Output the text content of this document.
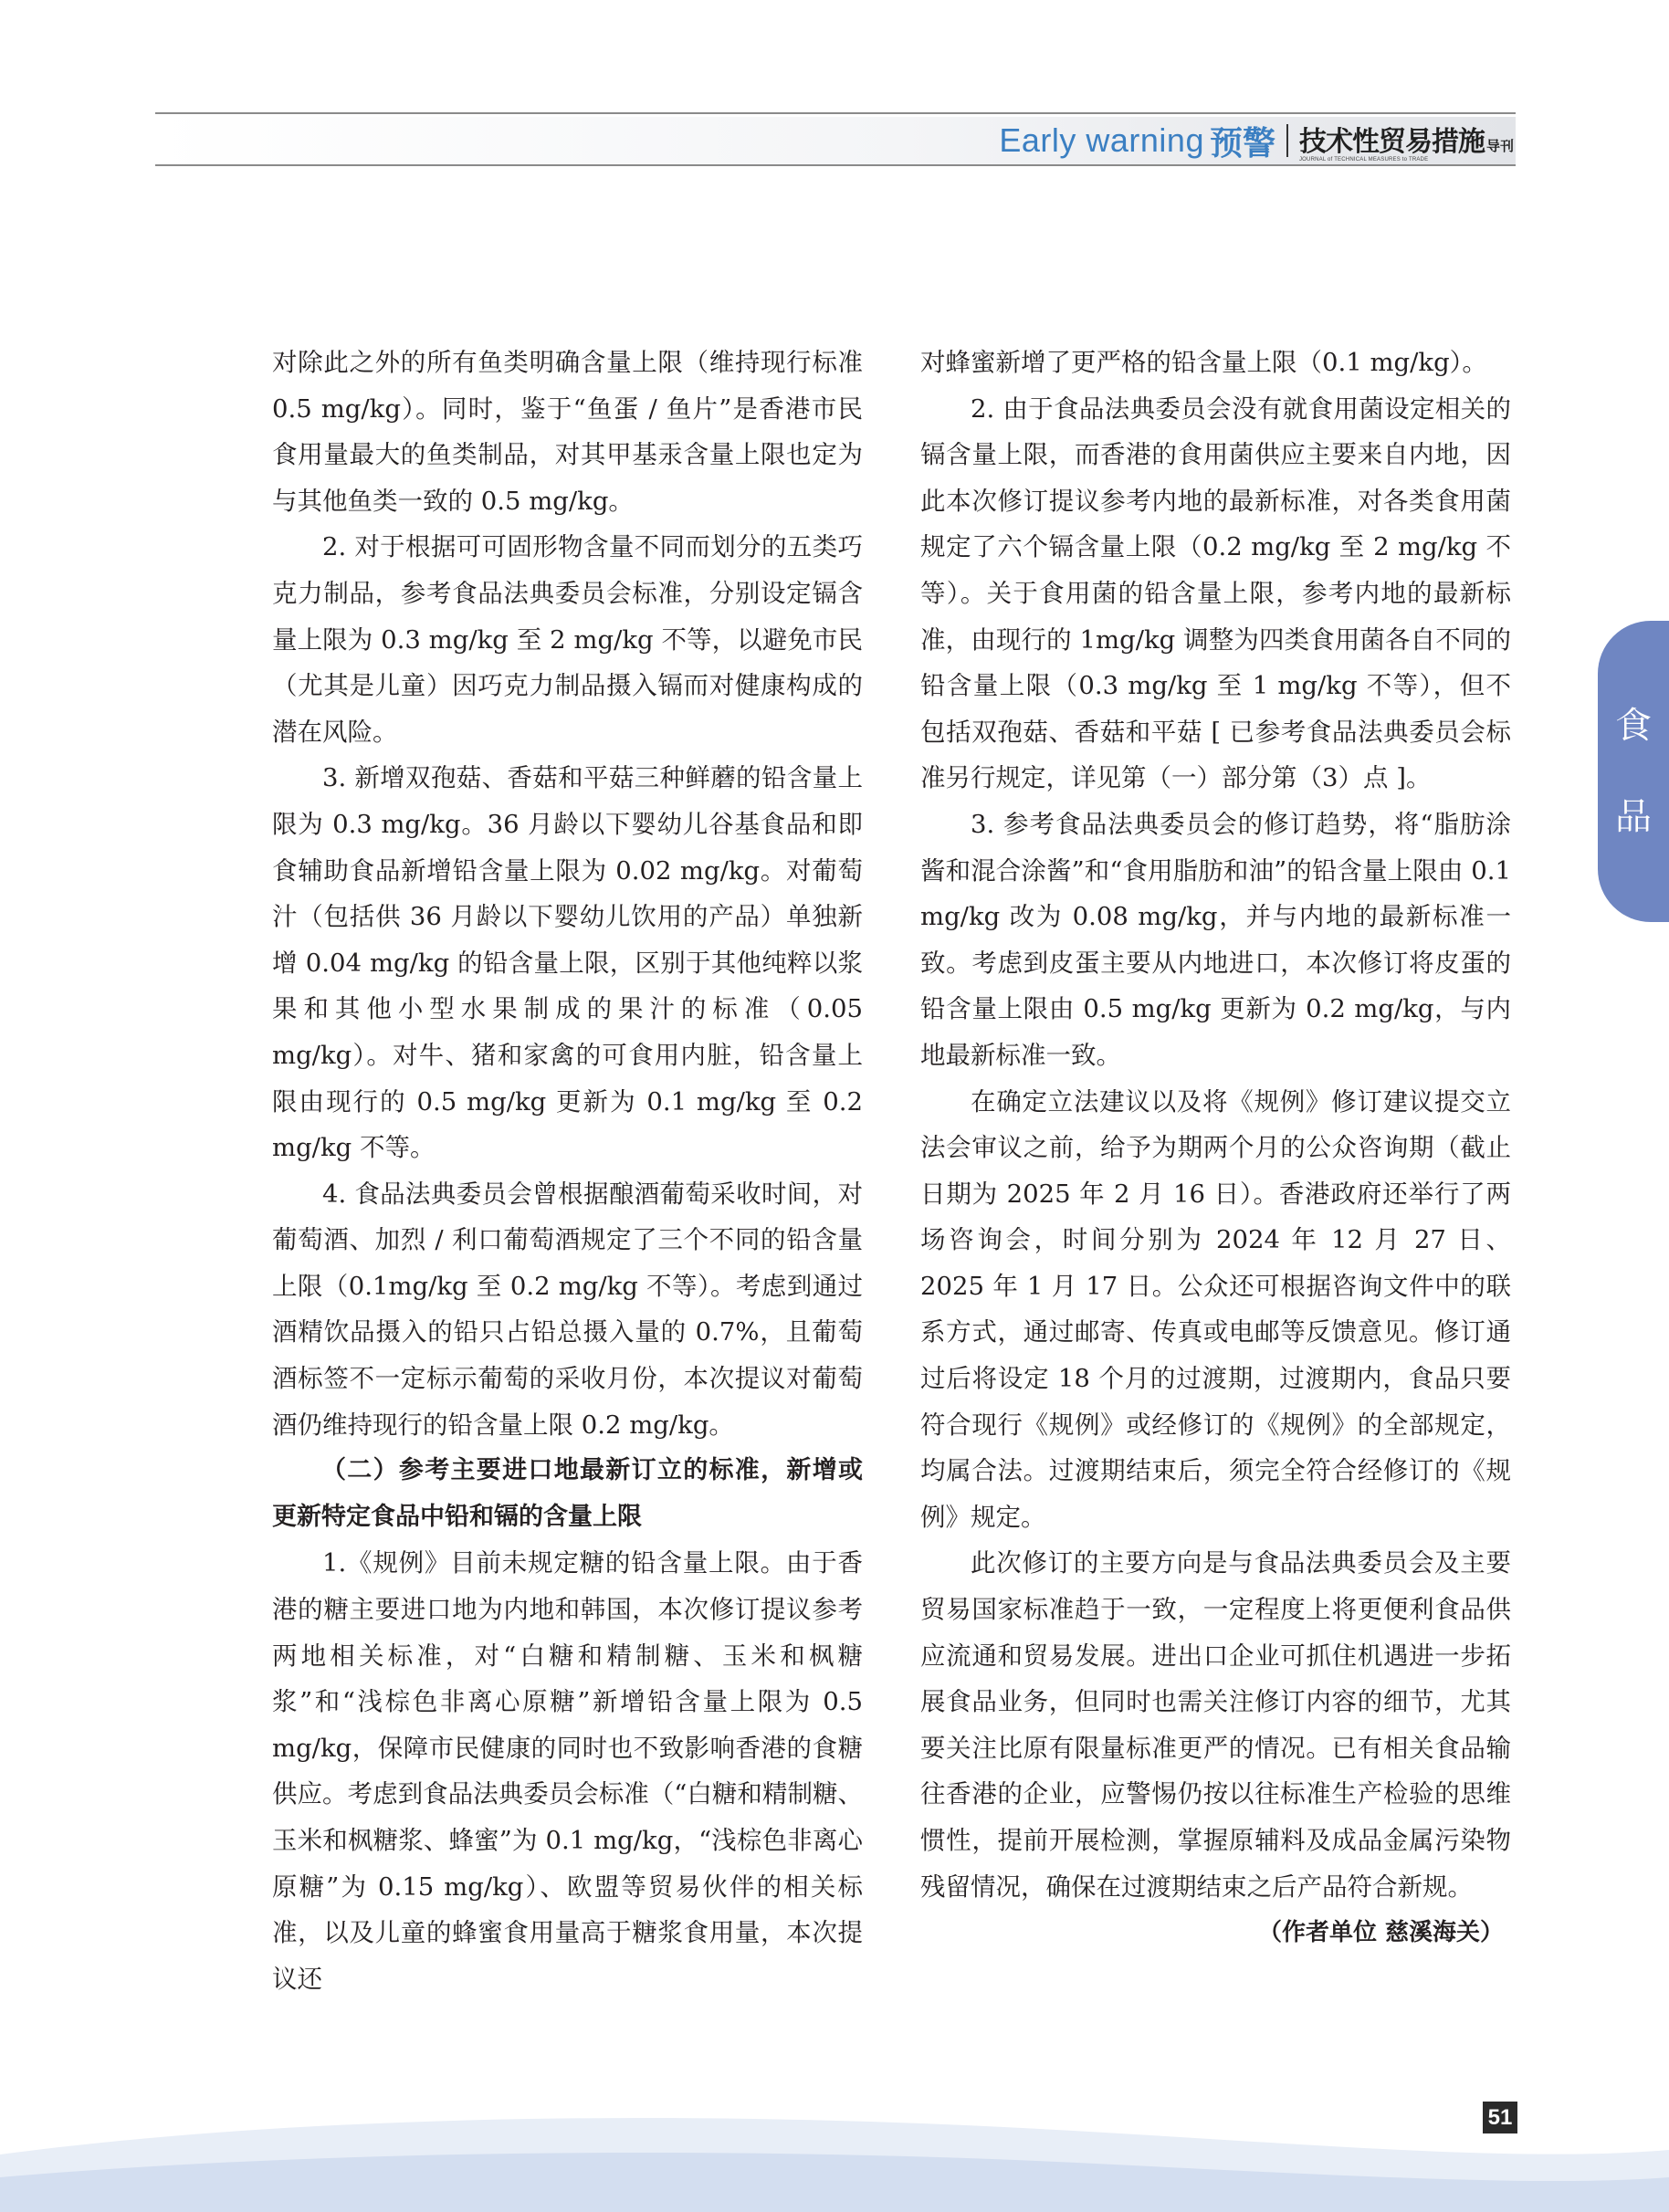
Early warning 预警 技术性贸易措施 导刊
JOURNAL of TECHNICAL MEASURES to TRADE

对除此之外的所有鱼类明确含量上限（维持现行标准 0.5 mg/kg）。同时，鉴于“鱼蛋 / 鱼片”是香港市民食用量最大的鱼类制品，对其甲基汞含量上限也定为与其他鱼类一致的 0.5 mg/kg。

2. 对于根据可可固形物含量不同而划分的五类巧克力制品，参考食品法典委员会标准，分别设定镉含量上限为 0.3 mg/kg 至 2 mg/kg 不等，以避免市民（尤其是儿童）因巧克力制品摄入镉而对健康构成的潜在风险。

3. 新增双孢菇、香菇和平菇三种鲜蘑的铅含量上限为 0.3 mg/kg。36 月龄以下婴幼儿谷基食品和即食辅助食品新增铅含量上限为 0.02 mg/kg。对葡萄汁（包括供 36 月龄以下婴幼儿饮用的产品）单独新增 0.04 mg/kg 的铅含量上限，区别于其他纯粹以浆果和其他小型水果制成的果汁的标准（0.05 mg/kg）。对牛、猪和家禽的可食用内脏，铅含量上限由现行的 0.5 mg/kg 更新为 0.1 mg/kg 至 0.2 mg/kg 不等。

4. 食品法典委员会曾根据酿酒葡萄采收时间，对葡萄酒、加烈 / 利口葡萄酒规定了三个不同的铅含量上限（0.1mg/kg 至 0.2 mg/kg 不等）。考虑到通过酒精饮品摄入的铅只占铅总摄入量的 0.7%，且葡萄酒标签不一定标示葡萄的采收月份，本次提议对葡萄酒仍维持现行的铅含量上限 0.2 mg/kg。

（二）参考主要进口地最新订立的标准，新增或更新特定食品中铅和镉的含量上限

1.《规例》目前未规定糖的铅含量上限。由于香港的糖主要进口地为内地和韩国，本次修订提议参考两地相关标准，对“白糖和精制糖、玉米和枫糖浆”和“浅棕色非离心原糖”新增铅含量上限为 0.5 mg/kg，保障市民健康的同时也不致影响香港的食糖供应。考虑到食品法典委员会标准（“白糖和精制糖、玉米和枫糖浆、蜂蜜”为 0.1 mg/kg，“浅棕色非离心原糖”为 0.15 mg/kg）、欧盟等贸易伙伴的相关标准，以及儿童的蜂蜜食用量高于糖浆食用量，本次提议还

对蜂蜜新增了更严格的铅含量上限（0.1 mg/kg）。

2. 由于食品法典委员会没有就食用菌设定相关的镉含量上限，而香港的食用菌供应主要来自内地，因此本次修订提议参考内地的最新标准，对各类食用菌规定了六个镉含量上限（0.2 mg/kg 至 2 mg/kg 不等）。关于食用菌的铅含量上限，参考内地的最新标准，由现行的 1mg/kg 调整为四类食用菌各自不同的铅含量上限（0.3 mg/kg 至 1 mg/kg 不等），但不包括双孢菇、香菇和平菇 [ 已参考食品法典委员会标准另行规定，详见第（一）部分第（3）点 ]。

3. 参考食品法典委员会的修订趋势，将“脂肪涂酱和混合涂酱”和“食用脂肪和油”的铅含量上限由 0.1 mg/kg 改为 0.08 mg/kg，并与内地的最新标准一致。考虑到皮蛋主要从内地进口，本次修订将皮蛋的铅含量上限由 0.5 mg/kg 更新为 0.2 mg/kg，与内地最新标准一致。

在确定立法建议以及将《规例》修订建议提交立法会审议之前，给予为期两个月的公众咨询期（截止日期为 2025 年 2 月 16 日）。香港政府还举行了两场咨询会，时间分别为 2024 年 12 月 27 日、2025 年 1 月 17 日。公众还可根据咨询文件中的联系方式，通过邮寄、传真或电邮等反馈意见。修订通过后将设定 18 个月的过渡期，过渡期内，食品只要符合现行《规例》或经修订的《规例》的全部规定，均属合法。过渡期结束后，须完全符合经修订的《规例》规定。

此次修订的主要方向是与食品法典委员会及主要贸易国家标准趋于一致，一定程度上将更便利食品供应流通和贸易发展。进出口企业可抓住机遇进一步拓展食品业务，但同时也需关注修订内容的细节，尤其要关注比原有限量标准更严的情况。已有相关食品输往香港的企业，应警惕仍按以往标准生产检验的思维惯性，提前开展检测，掌握原辅料及成品金属污染物残留情况，确保在过渡期结束之后产品符合新规。

（作者单位 慈溪海关）

食
品
51
